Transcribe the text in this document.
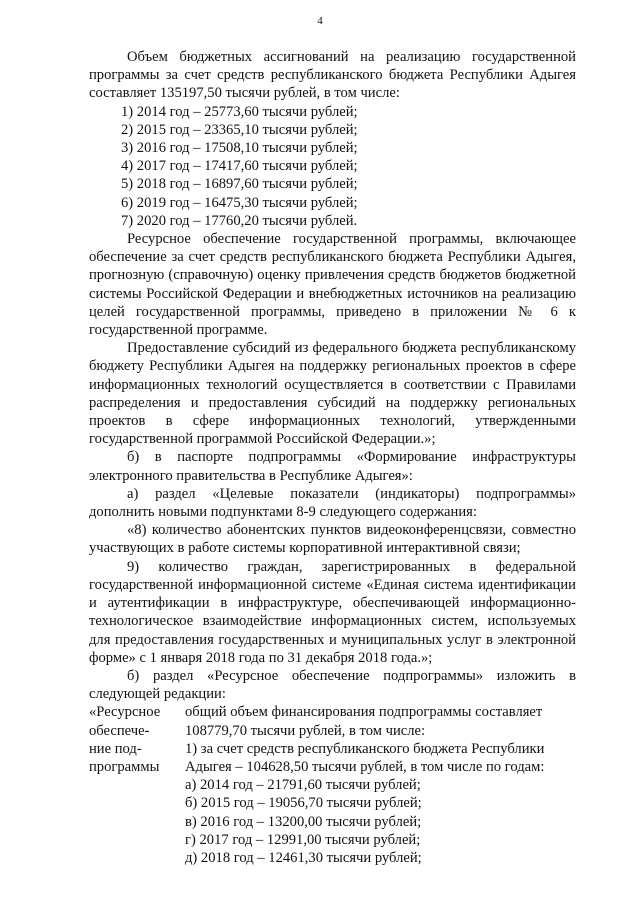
4

Объем бюджетных ассигнований на реализацию государственной программы за счет средств республиканского бюджета Республики Адыгея составляет 135197,50 тысячи рублей, в том числе:

1) 2014 год – 25773,60 тысячи рублей;
2) 2015 год – 23365,10 тысячи рублей;
3) 2016 год – 17508,10 тысячи рублей;
4) 2017 год – 17417,60 тысячи рублей;
5) 2018 год – 16897,60 тысячи рублей;
6) 2019 год – 16475,30 тысячи рублей;
7) 2020 год – 17760,20 тысячи рублей.

Ресурсное обеспечение государственной программы, включающее обеспечение за счет средств республиканского бюджета Республики Адыгея, прогнозную (справочную) оценку привлечения средств бюджетов бюджетной системы Российской Федерации и внебюджетных источников на реализацию целей государственной программы, приведено в приложении № 6 к государственной программе.

Предоставление субсидий из федерального бюджета республиканскому бюджету Республики Адыгея на поддержку региональных проектов в сфере информационных технологий осуществляется в соответствии с Правилами распределения и предоставления субсидий на поддержку региональных проектов в сфере информационных технологий, утвержденными государственной программой Российской Федерации.»;

б) в паспорте подпрограммы «Формирование инфраструктуры электронного правительства в Республике Адыгея»:

а) раздел «Целевые показатели (индикаторы) подпрограммы» дополнить новыми подпунктами 8-9 следующего содержания:

«8) количество абонентских пунктов видеоконференцсвязи, совместно участвующих в работе системы корпоративной интерактивной связи;

9) количество граждан, зарегистрированных в федеральной государственной информационной системе «Единая система идентификации и аутентификации в инфраструктуре, обеспечивающей информационно-технологическое взаимодействие информационных систем, используемых для предоставления государственных и муниципальных услуг в электронной форме» с 1 января 2018 года по 31 декабря 2018 года.»;

б) раздел «Ресурсное обеспечение подпрограммы» изложить в следующей редакции:

«Ресурсное
обеспече-
ние под-
программы
общий объем финансирования подпрограммы составляет 108779,70 тысячи рублей, в том числе:
1) за счет средств республиканского бюджета Республики Адыгея – 104628,50 тысячи рублей, в том числе по годам:
а) 2014 год – 21791,60 тысячи рублей;
б) 2015 год – 19056,70 тысячи рублей;
в) 2016 год – 13200,00 тысячи рублей;
г) 2017 год – 12991,00 тысячи рублей;
д) 2018 год – 12461,30 тысячи рублей;
